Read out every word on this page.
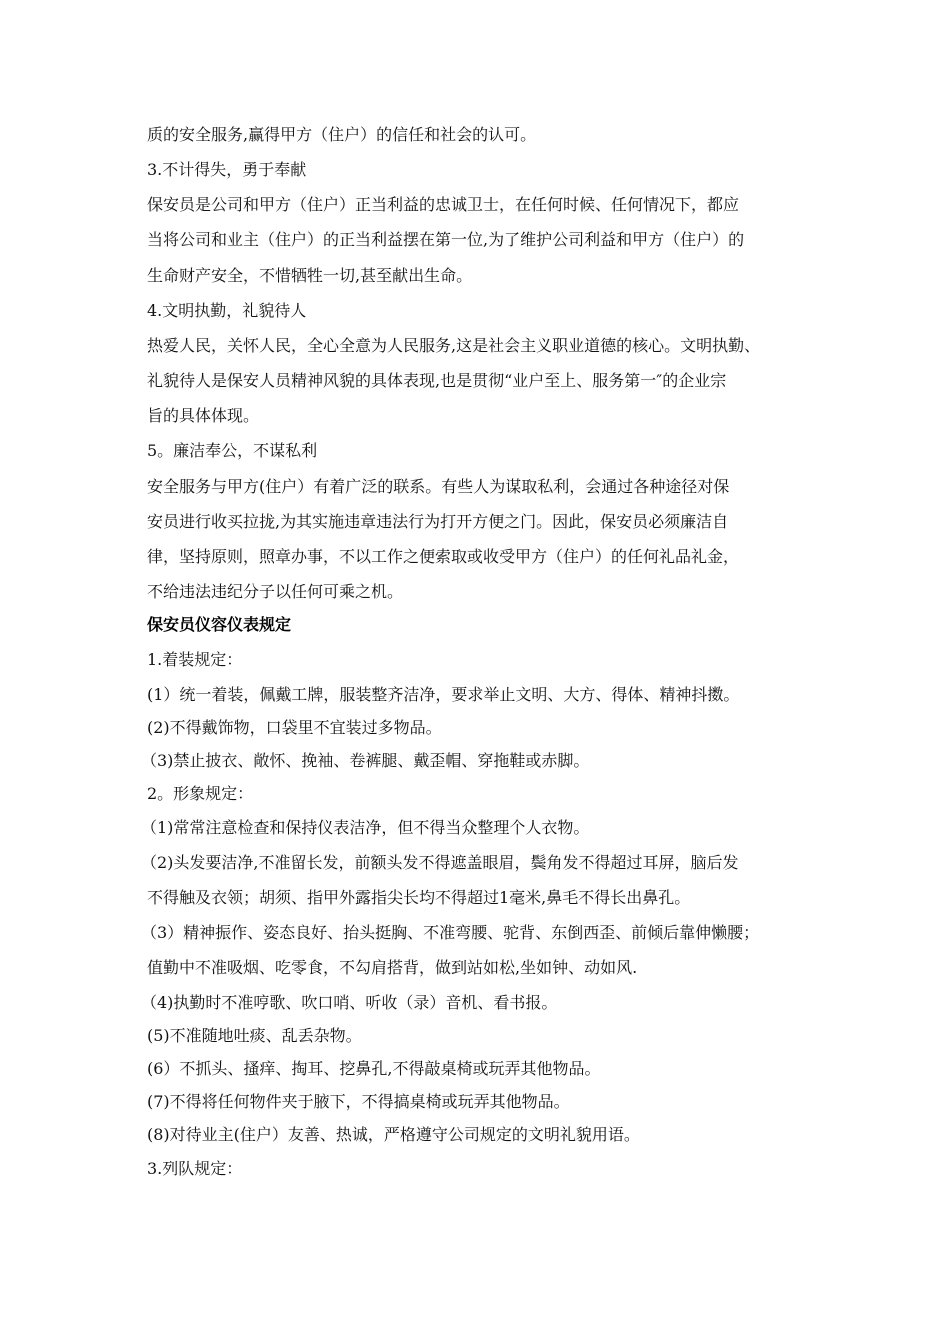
质的安全服务,赢得甲方（住户）的信任和社会的认可。
3.不计得失，勇于奉献
保安员是公司和甲方（住户）正当利益的忠诚卫士，在任何时候、任何情况下，都应
当将公司和业主（住户）的正当利益摆在第一位,为了维护公司利益和甲方（住户）的
生命财产安全，不惜牺牲一切,甚至献出生命。
4.文明执勤，礼貌待人
热爱人民，关怀人民，全心全意为人民服务,这是社会主义职业道德的核心。文明执勤、
礼貌待人是保安人员精神风貌的具体表现,也是贯彻“业户至上、服务第一″的企业宗
旨的具体体现。
5。廉洁奉公，不谋私利
安全服务与甲方(住户）有着广泛的联系。有些人为谋取私利，会通过各种途径对保
安员进行收买拉拢,为其实施违章违法行为打开方便之门。因此，保安员必须廉洁自
律，坚持原则，照章办事，不以工作之便索取或收受甲方（住户）的任何礼品礼金，
不给违法违纪分子以任何可乘之机。
保安员仪容仪表规定
1.着装规定：
(1）统一着装，佩戴工牌，服装整齐洁净，要求举止文明、大方、得体、精神抖擞。
(2)不得戴饰物，口袋里不宜装过多物品。
（3)禁止披衣、敞怀、挽袖、卷裤腿、戴歪帽、穿拖鞋或赤脚。
2。形象规定：
（1)常常注意检查和保持仪表洁净，但不得当众整理个人衣物。
（2)头发要洁净,不准留长发，前额头发不得遮盖眼眉，鬓角发不得超过耳屏，脑后发
不得触及衣领；胡须、指甲外露指尖长均不得超过1毫米,鼻毛不得长出鼻孔。
（3）精神振作、姿态良好、抬头挺胸、不准弯腰、驼背、东倒西歪、前倾后靠伸懒腰；
值勤中不准吸烟、吃零食，不勾肩搭背，做到站如松,坐如钟、动如风.
（4)执勤时不准哼歌、吹口哨、听收（录）音机、看书报。
(5)不准随地吐痰、乱丢杂物。
(6）不抓头、搔痒、掏耳、挖鼻孔,不得敲桌椅或玩弄其他物品。
(7)不得将任何物件夹于腋下，不得搞桌椅或玩弄其他物品。
(8)对待业主(住户）友善、热诚，严格遵守公司规定的文明礼貌用语。
3.列队规定：
